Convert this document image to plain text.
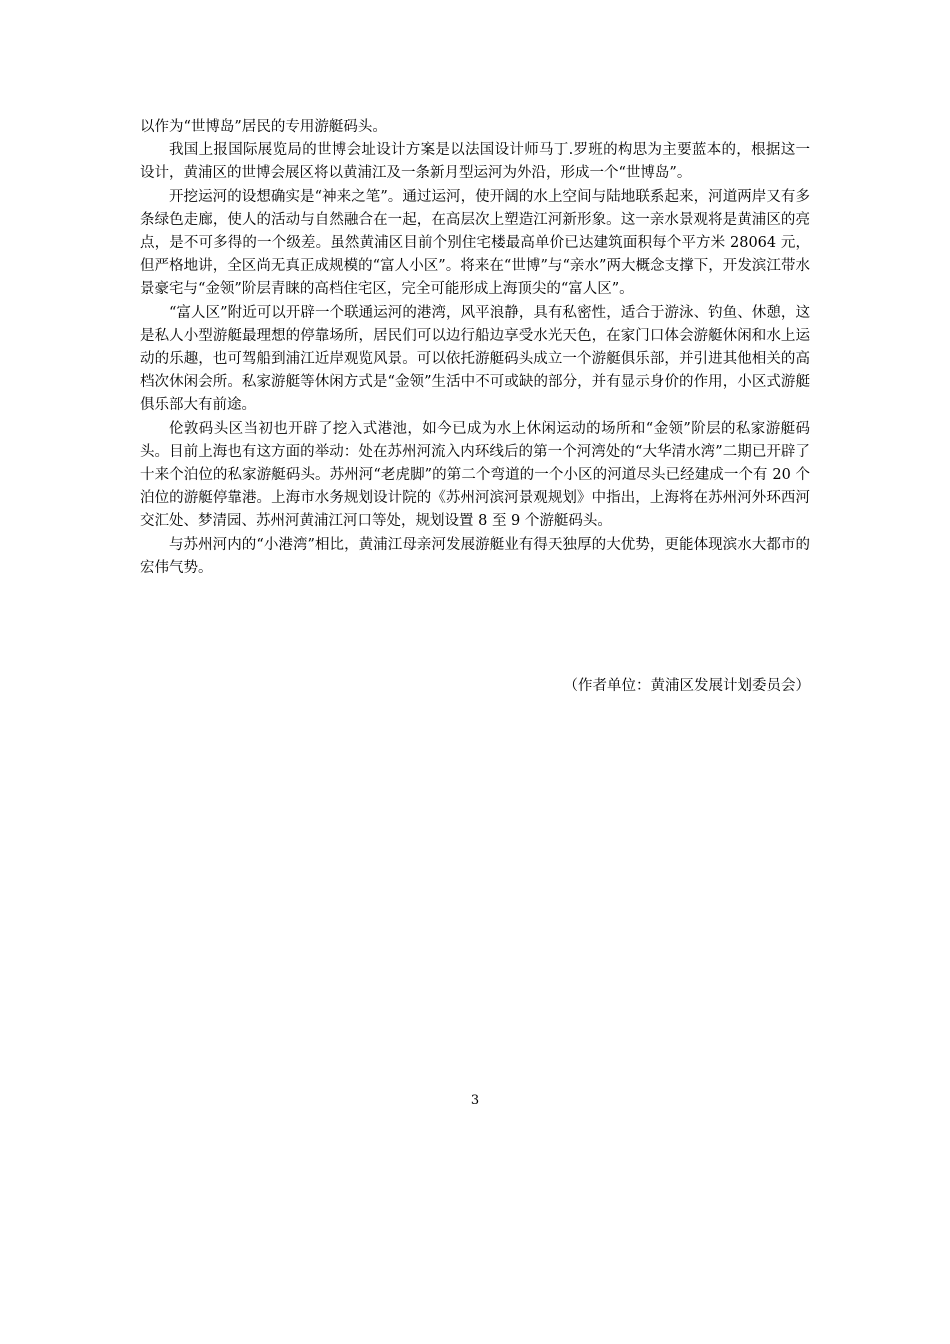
以作为“世博岛”居民的专用游艇码头。

我国上报国际展览局的世博会址设计方案是以法国设计师马丁.罗班的构思为主要蓝本的，根据这一设计，黄浦区的世博会展区将以黄浦江及一条新月型运河为外沿，形成一个“世博岛”。

开挖运河的设想确实是“神来之笔”。通过运河，使开阔的水上空间与陆地联系起来，河道两岸又有多条绿色走廊，使人的活动与自然融合在一起，在高层次上塑造江河新形象。这一亲水景观将是黄浦区的亮点，是不可多得的一个级差。虽然黄浦区目前个别住宅楼最高单价已达建筑面积每个平方米 28064 元，但严格地讲，全区尚无真正成规模的“富人小区”。将来在“世博”与“亲水”两大概念支撑下，开发滨江带水景豪宅与“金领”阶层青睐的高档住宅区，完全可能形成上海顶尖的“富人区”。

“富人区”附近可以开辟一个联通运河的港湾，风平浪静，具有私密性，适合于游泳、钓鱼、休憩，这是私人小型游艇最理想的停靠场所，居民们可以边行船边享受水光天色，在家门口体会游艇休闲和水上运动的乐趣，也可驾船到浦江近岸观览风景。可以依托游艇码头成立一个游艇俱乐部，并引进其他相关的高档次休闲会所。私家游艇等休闲方式是“金领”生活中不可或缺的部分，并有显示身价的作用，小区式游艇俱乐部大有前途。

伦敦码头区当初也开辟了挖入式港池，如今已成为水上休闲运动的场所和“金领”阶层的私家游艇码头。目前上海也有这方面的举动：处在苏州河流入内环线后的第一个河湾处的“大华清水湾”二期已开辟了十来个泊位的私家游艇码头。苏州河“老虎脚”的第二个弯道的一个小区的河道尽头已经建成一个有 20 个泊位的游艇停靠港。上海市水务规划设计院的《苏州河滨河景观规划》中指出，上海将在苏州河外环西河交汇处、梦清园、苏州河黄浦江河口等处，规划设置 8 至 9 个游艇码头。

与苏州河内的“小港湾”相比，黄浦江母亲河发展游艇业有得天独厚的大优势，更能体现滨水大都市的宏伟气势。

（作者单位：黄浦区发展计划委员会）
3
